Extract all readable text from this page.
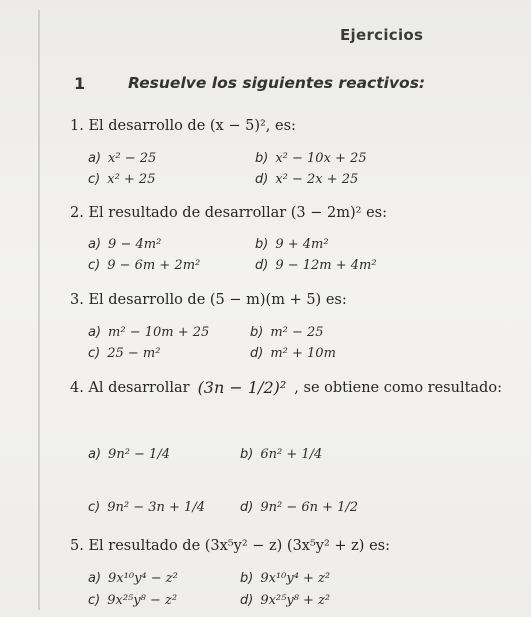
Ejercicios
1	Resuelve los siguientes reactivos:
1. El desarrollo de (x − 5)², es:
a) x² − 25	b) x² − 10x + 25
c) x² + 25	d) x² − 2x + 25
2. El resultado de desarrollar (3 − 2m)² es:
a) 9 − 4m²	b) 9 + 4m²
c) 9 − 6m + 2m²	d) 9 − 12m + 4m²
3. El desarrollo de (5 − m)(m + 5) es:
a) m² − 10m + 25	b) m² − 25
c) 25 − m²	d) m² + 10m
4. Al desarrollar (3n − 1/2)² , se obtiene como resultado:
a) 9n² − 1/4	b) 6n² + 1/4
c) 9n² − 3n + 1/4	d) 9n² − 6n + 1/2
5. El resultado de (3x⁵y² − z) (3x⁵y² + z) es:
a) 9x¹⁰y⁴ − z²	b) 9x¹⁰y⁴ + z²
c) 9x²⁵y⁸ − z²	d) 9x²⁵y⁸ + z²
